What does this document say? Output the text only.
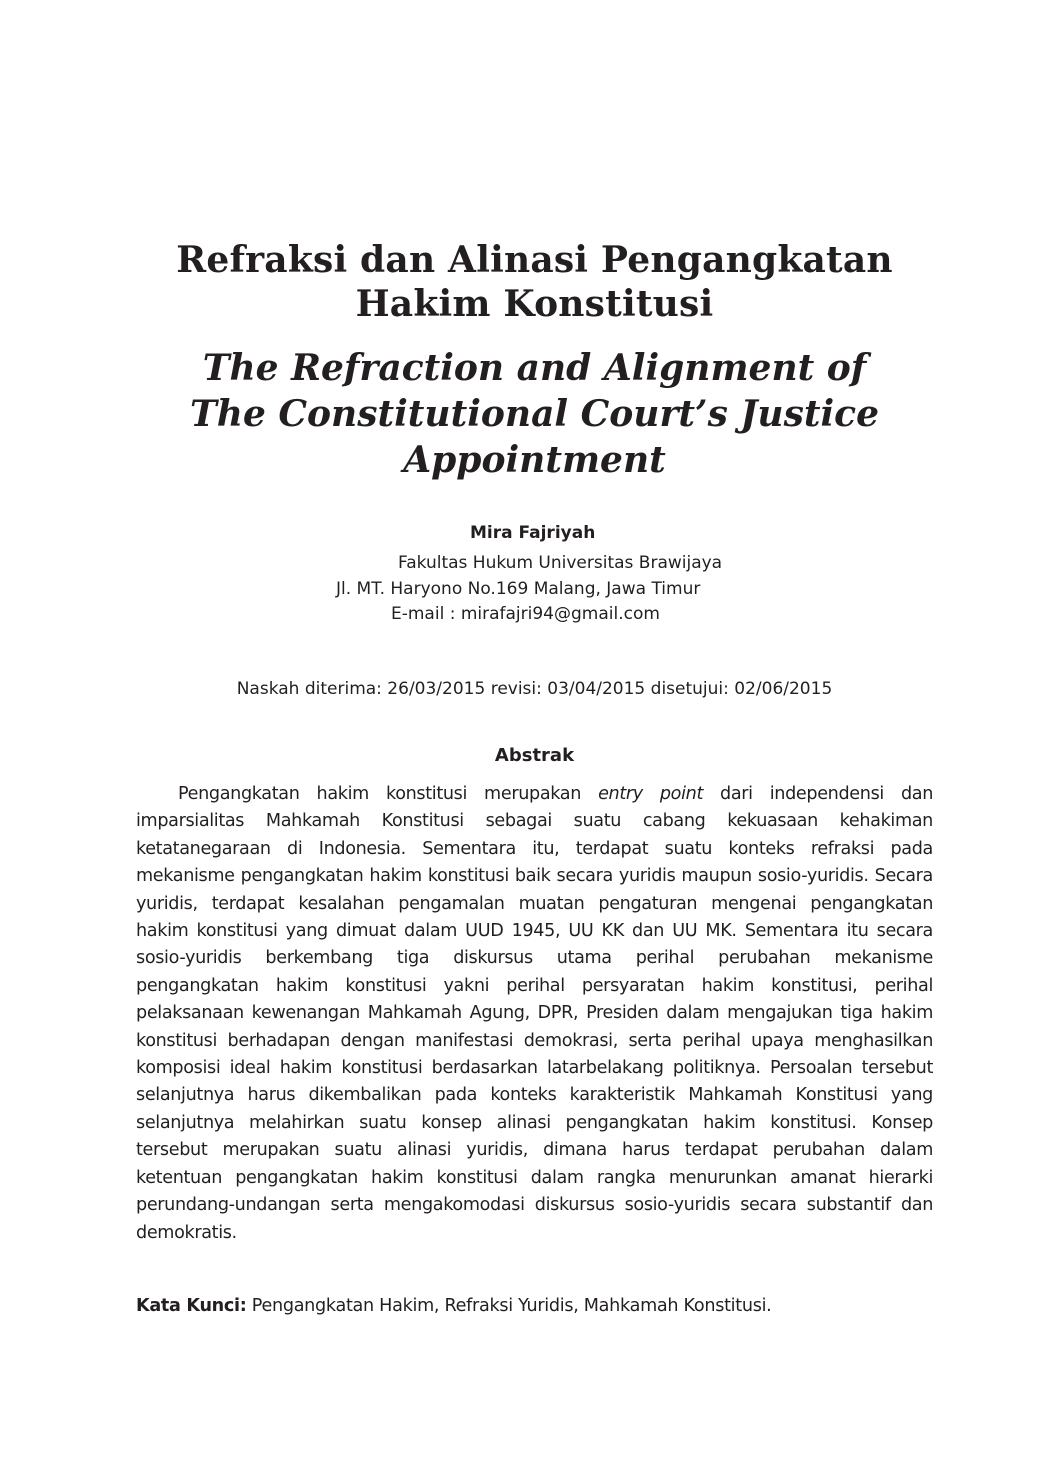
Refraksi dan Alinasi Pengangkatan
Hakim Konstitusi
The Refraction and Alignment of
The Constitutional Court’s Justice
Appointment
Mira Fajriyah
Fakultas Hukum Universitas Brawijaya
Jl. MT. Haryono No.169 Malang, Jawa Timur
E-mail : mirafajri94@gmail.com
Naskah diterima: 26/03/2015 revisi: 03/04/2015 disetujui: 02/06/2015
Abstrak

Pengangkatan hakim konstitusi merupakan entry point dari independensi dan imparsialitas Mahkamah Konstitusi sebagai suatu cabang kekuasaan kehakiman ketatanegaraan di Indonesia. Sementara itu, terdapat suatu konteks refraksi pada mekanisme pengangkatan hakim konstitusi baik secara yuridis maupun sosio-yuridis. Secara yuridis, terdapat kesalahan pengamalan muatan pengaturan mengenai pengangkatan hakim konstitusi yang dimuat dalam UUD 1945, UU KK dan UU MK. Sementara itu secara sosio-yuridis berkembang tiga diskursus utama perihal perubahan mekanisme pengangkatan hakim konstitusi yakni perihal persyaratan hakim konstitusi, perihal pelaksanaan kewenangan Mahkamah Agung, DPR, Presiden dalam mengajukan tiga hakim konstitusi berhadapan dengan manifestasi demokrasi, serta perihal upaya menghasilkan komposisi ideal hakim konstitusi berdasarkan latarbelakang politiknya. Persoalan tersebut selanjutnya harus dikembalikan pada konteks karakteristik Mahkamah Konstitusi yang selanjutnya melahirkan suatu konsep alinasi pengangkatan hakim konstitusi. Konsep tersebut merupakan suatu alinasi yuridis, dimana harus terdapat perubahan dalam ketentuan pengangkatan hakim konstitusi dalam rangka menurunkan amanat hierarki perundang-undangan serta mengakomodasi diskursus sosio-yuridis secara substantif dan demokratis.

Kata Kunci: Pengangkatan Hakim, Refraksi Yuridis, Mahkamah Konstitusi.
